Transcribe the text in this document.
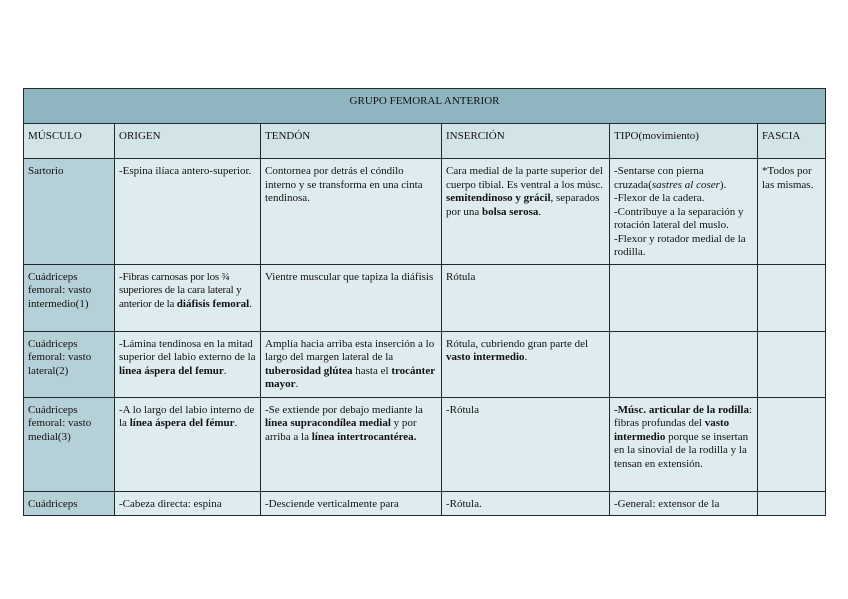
GRUPO FEMORAL ANTERIOR					
MÚSCULO	ORIGEN	TENDÓN	INSERCIÓN	TIPO(movimiento)	FASCIA
Sartorio	-Espina ilíaca antero-superior.	Contornea por detrás el cóndilo interno y se transforma en una cinta tendinosa.	Cara medial de la parte superior del cuerpo tibial. Es ventral a los músc. semitendinoso y grácil, separados por una bolsa serosa.	-Sentarse con pierna cruzada(sastres al coser).
-Flexor de la cadera.
-Contribuye a la separación y rotación lateral del muslo.
-Flexor y rotador medial de la rodilla.	*Todos por las mismas.
Cuádriceps femoral: vasto intermedio(1)	-Fibras carnosas por los ¾ superiores de la cara lateral y anterior de la diáfisis femoral.	Vientre muscular que tapiza la diáfisis	Rótula		
Cuádriceps femoral: vasto lateral(2)	-Lámina tendinosa en la mitad superior del labio externo de la línea áspera del femur.	Amplía hacia arriba esta inserción a lo largo del margen lateral de la tuberosidad glútea hasta el trocánter mayor.	Rótula, cubriendo gran parte del vasto intermedio.		
Cuádriceps femoral: vasto medial(3)	-A lo largo del labio interno de la línea áspera del fémur.	-Se extiende por debajo mediante la línea supracondílea medial y por arriba a la línea intertrocantérea.	-Rótula	-Músc. articular de la rodilla: fibras profundas del vasto intermedio porque se insertan en la sinovial de la rodilla y la tensan en extensión.	
Cuádriceps	-Cabeza directa: espina	-Desciende verticalmente para	-Rótula.	-General: extensor de la	
